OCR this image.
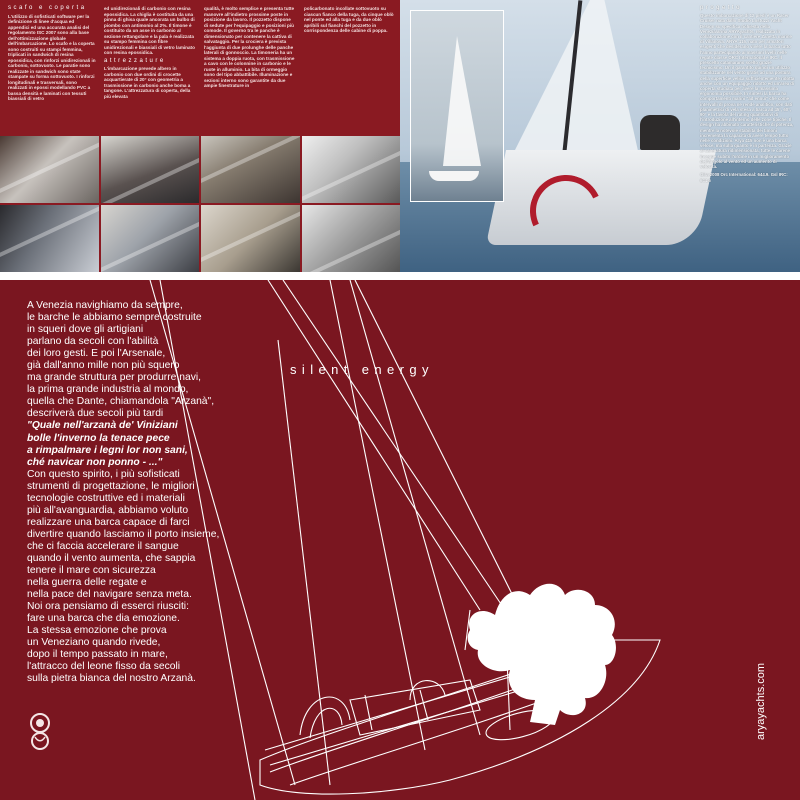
scafo e coperta

L'utilizzo di sofisticati software per la definizione di linee d'acqua ed appendici ed una accurata analisi del regolamento ISC 2007 sono alla base dell'ottimizzazione globale dell'imbarcazione. Lo scafo e la coperta sono costruiti su stampi femmina, triplicati in sandwich di resina epossidica, con rinforzi unidirezionali in carbonio, sottovuoto. Le paratie sono realizzate in sandwich sono state stampate su forma sottovuoto. I rinforzi longitudinali e trasversali, sono realizzati in epossi modellando PVC a bassa densità e laminati con tessuti biassiali di vetro

ed unidirezionali di carbonio con resina epossidica. La chiglia è costituita da una pinna di ghisa quale ancorata un bulbo di piombo con antimonio al 2%. Il timone è costituito da un asse in carbonio al sezione rettangolare e la pala è realizzata su stampo femmina con fibre unidirezionali e biassiali di vetro laminato con resina epossidica.

attrezzature

L'imbarcazione prevede albero in carbonio con due ordini di crocette acquartierate di 20° con geometria a trasmissione in carbonio anche boma a tangone. L'attrezzatura di coperta, della più elevata

qualità, è molto semplice e presenta tutte manovre all'indietro prossime poste in posizione da lavoro. Il pozzetto dispone di sedute per l'equipaggio e posizioni più comode. Il governo tra le panche è dimensionato per contenere la cattiva di salvataggio. Per la crociera è prevista l'aggiunta di due prolunghe delle panche laterali di gonnoccio. La timoneria ha un sistema a doppia ruota, con trasmissione a cavo con le colonnine in carbonio e le ruote in alluminio. La bita di ormeggio sono del tipo abbattibile. Illuminazione e sezioni interno sono garantite da due ampie finestrature in

policarbonato incollate sottovuoto su ciascun fianco della tuga, da cinque oblò nel ponte ed alla tuga e da due oblò apribili sul fianchi del pozzetto in corrispondenza delle cabine di poppa.

progetto

Questo imbarcazione di 12 piedi è un Racer Cruiser nata dallo Studio Lostuzzi Yacht Design su specifica richiesta della Venezia/arina ARYAyachts, realizzata in collaborazione con il cantiere Zanetta marine di Villanova. ARYA 415, nato per armatori esigenti che desiderano vivere la barca tutto l'anno partecipando ai massimi livelli nelle regate classe ORC International e IRC. Il prescelto catamarano scelto grazie tecnicismo. Un il garantito quindi un utilizzo stabilizzante nel vento gratis ad una postura della superficie velica sufficientemente ridotta anche con un equipaggio ridotto ed un'area di coperta studiata per avere la massima ergonomia possibile. In sintesi la barca ha comportamenti marini "ad ennui" che come intervalli di prova ne rende analitico, con dati planimetrici di vela stesa a barca ad 45°, 60°, 90° e la tavola del rating quantitativi di l'introduzione all'interno delle zone tipiche. Il design ha abbinato caratteristiche di potenza, mentre la notevole stabilità dei timoni incrementa la capacità di avere tempo tutto nelle condizioni. Arya 415 non è una barca veloce, ma sulla quanto è in partenza. Grazie al carenatura ridimensionata, tutte le carene insegue subito l'ordine in un miglioramento dell'angolo al vento ed un aumento di velocità.

Gira 2008 Orc International: 644.9. Gsl IRC: 644.6

A Venezia navighiamo da sempre,
le barche le abbiamo sempre costruite
in squeri dove gli artigiani
parlano da secoli con l'abilità
dei loro gesti. E poi l'Arsenale,
già dall'anno mille non più squero
ma grande struttura per produrre navi,
la prima grande industria al mondo,
quella che Dante, chiamandola "Arzanà",
descriverà due secoli più tardi
"Quale nell'arzanà de' Viniziani
bolle l'inverno la tenace pece
a rimpalmare i legni lor non sani,
ché navicar non ponno - ..."
Con questo spirito, i più sofisticati
strumenti di progettazione, le migliori
tecnologie costruttive ed i materiali
più all'avanguardia, abbiamo voluto
realizzare una barca capace di farci
divertire quando lasciamo il porto insieme,
che ci faccia accelerare il sangue
quando il vento aumenta, che sappia
tenere il mare con sicurezza
nella guerra delle regate e
nella pace del navigare senza meta.
Noi ora pensiamo di esserci riusciti:
fare una barca che dia emozione.
La stessa emozione che prova
un Veneziano quando rivede,
dopo il tempo passato in mare,
l'attracco del leone fisso da secoli
sulla pietra bianca del nostro Arzanà.
silent energy
aryayachts.com
